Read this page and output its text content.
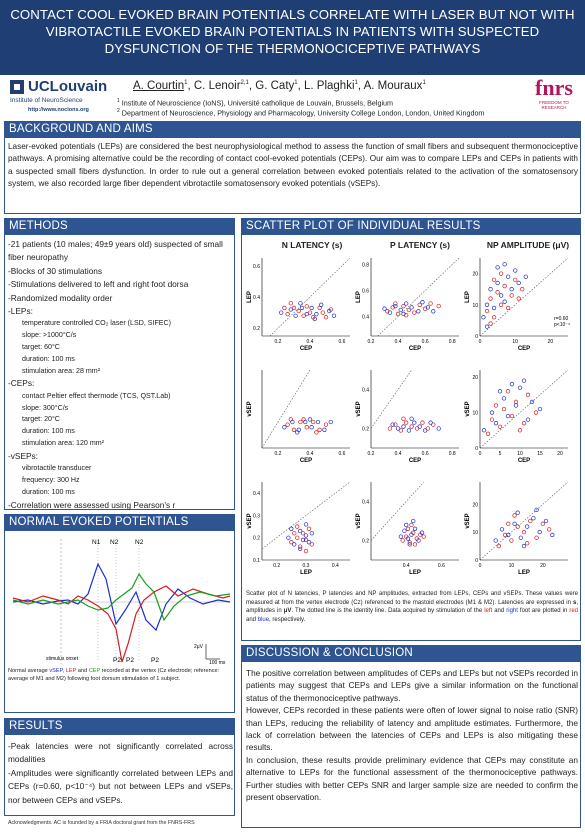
CONTACT COOL EVOKED BRAIN POTENTIALS CORRELATE WITH LASER BUT NOT WITH
VIBROTACTILE EVOKED BRAIN POTENTIALS IN PATIENTS WITH SUSPECTED
DYSFUNCTION OF THE THERMONOCICEPTIVE PATHWAYS
UCLouvain
Institute of NeuroScience
http://www.nocions.org
A. Courtin$^1$, C. Lenoir$^{2,1}$, G. Caty$^1$, L. Plaghki$^1$, A. Mouraux$^1$
$^1$ Institute of Neuroscience (IoNS), Université catholique de Louvain, Brussels, Belgium
$^2$ Department of Neuroscience, Physiology and Pharmacology, University College London, London, United Kingdom
fnrs
FREEDOM TO RESEARCH
BACKGROUND AND AIMS
Laser-evoked potentials (LEPs) are considered the best neurophysiological method to assess the function of small fibers and subsequent thermonociceptive pathways. A promising alternative could be the recording of contact cool-evoked potentials (CEPs). Our aim was to compare LEPs and CEPs in patients with a suspected small fibers dysfunction. In order to rule out a general correlation between evoked potentials related to the activation of the somatosensory system, we also recorded large fiber dependent vibrotactile somatosensory evoked potentials (vSEPs).
METHODS
-21 patients (10 males; 49±9 years old) suspected of small fiber neuropathy
-Blocks of 30 stimulations
-Stimulations delivered to left and right foot dorsa
-Randomized modality order
-LEPs:
temperature controlled CO₂ laser (LSD, SIFEC)
slope: >1000°C/s
target: 60°C
duration: 100 ms
stimulation area: 28 mm²
-CEPs:
contact Peltier effect thermode (TCS, QST.Lab)
slope: 300°C/s
target: 20°C
duration: 100 ms
stimulation area: 120 mm²
-vSEPs:
vibrotactile transducer
frequency: 300 Hz
duration: 100 ms
-Correlation were assessed using Pearson’s r
NORMAL EVOKED POTENTIALS
N1 N2	N2
P2 P2	P2
stimulus onset
2μV
100 ms
Normal average vSEP, LEP and CEP recorded at the vertex (Cz electrode; reference: average of M1 and M2) following foot dorsum stimulation of 1 subject.
RESULTS
-Peak latencies were not significantly correlated across modalities
-Amplitudes were significantly correlated between LEPs and CEPs (r=0.60, p<10⁻⁴) but not between LEPs and vSEPs, nor between CEPs and vSEPs.
Acknowledgments. AC is founded by a FRIA doctoral grant from the FNRS-FRS
SCATTER PLOT OF INDIVIDUAL RESULTS
N LATENCY (s)	P LATENCY (s)	NP AMPLITUDE (μV)
0.2	0.4	0.6
0.2
0.4
0.6
CEP
LEP
0.2	0.4	0.6	0.8
0.4
0.6
0.8
CEP
LEP
0	10	20
0
10
20
CEP
LEP
r=0.60
p<10⁻⁴
0.2	0.4	0.6
CEP
vSEP
0.2	0.4	0.6	0.8
0.2
0.4
CEP
vSEP
0	5	10	15	20
0
10
20
CEP
vSEP
0.2	0.3	0.4
0.1
0.2
0.3
0.4
LEP
vSEP
0.4	0.6
0.2
0.4
LEP
vSEP
0	10	20
0
10
20
LEP
vSEP
Scatter plot of N latencies, P latencies and NP amplitudes, extracted from LEPs, CEPs and vSEPs. These values were measured at from the vertex electrode (Cz) referenced to the mastoid electrodes (M1 & M2). Latencies are expressed in s, amplitudes in μV. The dotted line is the identity line. Data acquired by stimulation of the left and right foot are plotted in red and blue, respectively.
DISCUSSION & CONCLUSION
The positive correlation between amplitudes of CEPs and LEPs but not vSEPs recorded in patients may suggest that CEPs and LEPs give a similar information on the functional status of the thermonociceptive pathways.
However, CEPs recorded in these patients were often of lower signal to noise ratio (SNR) than LEPs, reducing the reliability of latency and amplitude estimates. Furthermore, the lack of correlation between the latencies of CEPs and LEPs is also mitigating these results.
In conclusion, these results provide preliminary evidence that CEPs may constitute an alternative to LEPs for the functional assessment of the thermonociceptive pathways. Further studies with better CEPs SNR and larger sample size are needed to confirm the present observation.
